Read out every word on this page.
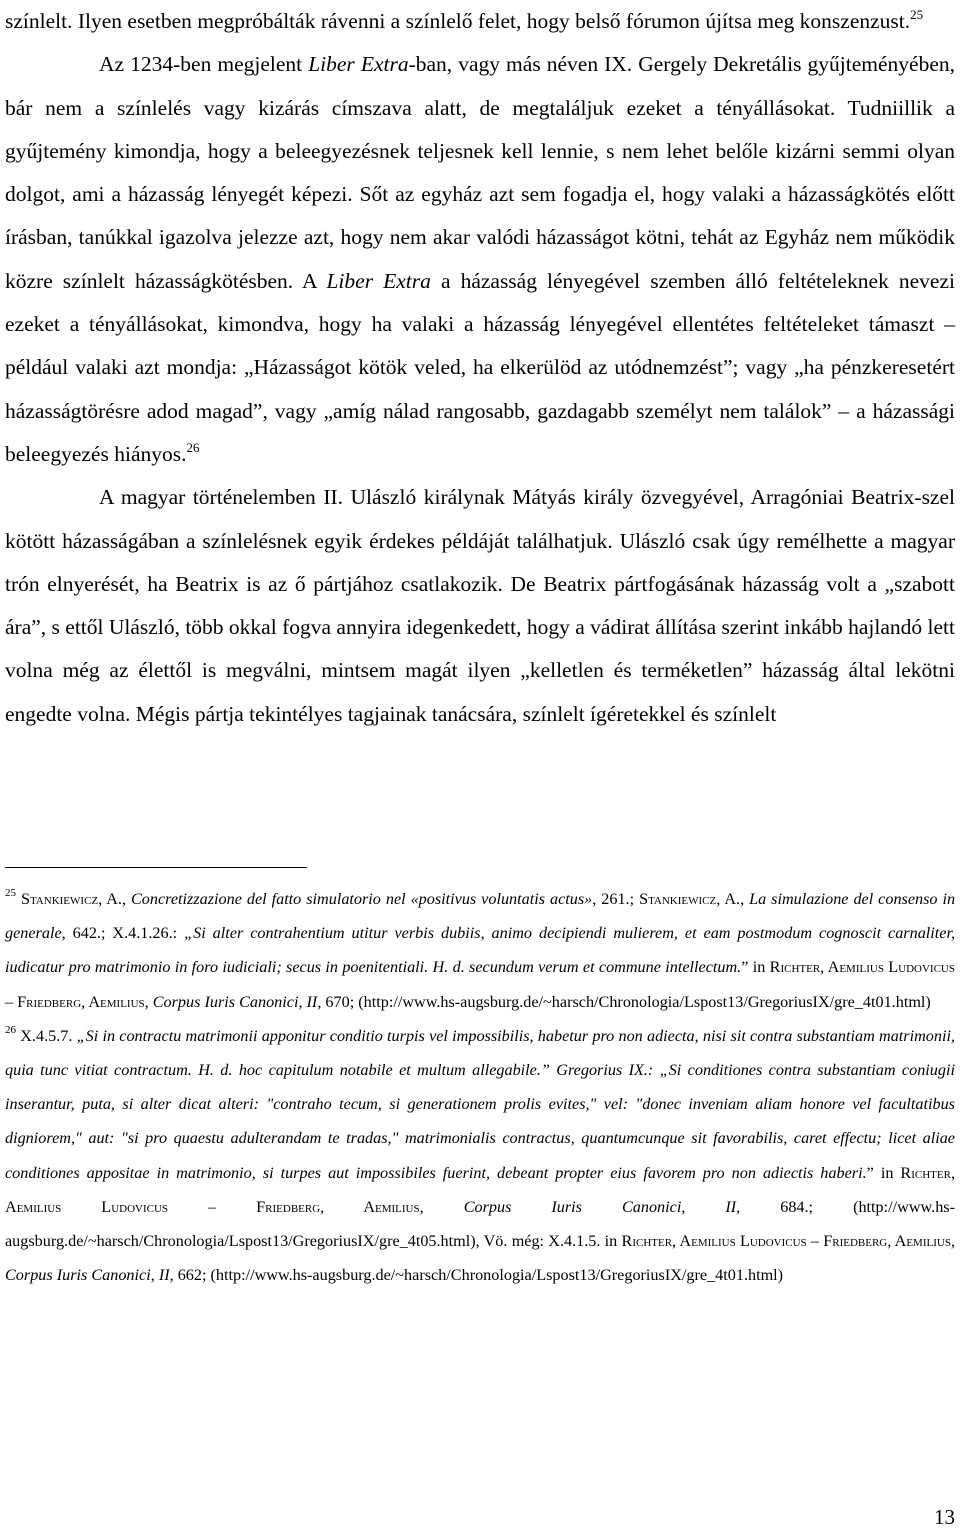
színlelt. Ilyen esetben megpróbálták rávenni a színlelő felet, hogy belső fórumon újítsa meg konszenzust.$^{25}$

Az 1234-ben megjelent Liber Extra-ban, vagy más néven IX. Gergely Dekretális gyűjteményében, bár nem a színlelés vagy kizárás címszava alatt, de megtaláljuk ezeket a tényállásokat. Tudniillik a gyűjtemény kimondja, hogy a beleegyezésnek teljesnek kell lennie, s nem lehet belőle kizárni semmi olyan dolgot, ami a házasság lényegét képezi. Sőt az egyház azt sem fogadja el, hogy valaki a házasságkötés előtt írásban, tanúkkal igazolva jelezze azt, hogy nem akar valódi házasságot kötni, tehát az Egyház nem működik közre színlelt házasságkötésben. A Liber Extra a házasság lényegével szemben álló feltételeknek nevezi ezeket a tényállásokat, kimondva, hogy ha valaki a házasság lényegével ellentétes feltételeket támaszt – például valaki azt mondja: „Házasságot kötök veled, ha elkerülöd az utódnemzést”; vagy „ha pénzkeresetért házasságtörésre adod magad”, vagy „amíg nálad rangosabb, gazdagabb személyt nem találok” – a házassági beleegyezés hiányos.$^{26}$

A magyar történelemben II. Ulászló királynak Mátyás király özvegyével, Arragóniai Beatrix-szel kötött házasságában a színlelésnek egyik érdekes példáját találhatjuk. Ulászló csak úgy remélhette a magyar trón elnyerését, ha Beatrix is az ő pártjához csatlakozik. De Beatrix pártfogásának házasság volt a „szabott ára”, s ettől Ulászló, több okkal fogva annyira idegenkedett, hogy a vádirat állítása szerint inkább hajlandó lett volna még az élettől is megválni, mintsem magát ilyen „kelletlen és terméketlen” házasság által lekötni engedte volna. Mégis pártja tekintélyes tagjainak tanácsára, színlelt ígéretekkel és színlelt

$^{25}$ Stankiewicz, A., Concretizzazione del fatto simulatorio nel «positivus voluntatis actus», 261.; Stankiewicz, A., La simulazione del consenso in generale, 642.; X.4.1.26.: „Si alter contrahentium utitur verbis dubiis, animo decipiendi mulierem, et eam postmodum cognoscit carnaliter, iudicatur pro matrimonio in foro iudiciali; secus in poenitentiali. H. d. secundum verum et commune intellectum.” in Richter, Aemilius Ludovicus – Friedberg, Aemilius, Corpus Iuris Canonici, II, 670; (http://www.hs-augsburg.de/~harsch/Chronologia/Lspost13/GregoriusIX/gre_4t01.html)

$^{26}$ X.4.5.7. „Si in contractu matrimonii apponitur conditio turpis vel impossibilis, habetur pro non adiecta, nisi sit contra substantiam matrimonii, quia tunc vitiat contractum. H. d. hoc capitulum notabile et multum allegabile.” Gregorius IX.: „Si conditiones contra substantiam coniugii inserantur, puta, si alter dicat alteri: "contraho tecum, si generationem prolis evites," vel: "donec inveniam aliam honore vel facultatibus digniorem," aut: "si pro quaestu adulterandam te tradas," matrimonialis contractus, quantumcunque sit favorabilis, caret effectu; licet aliae conditiones appositae in matrimonio, si turpes aut impossibiles fuerint, debeant propter eius favorem pro non adiectis haberi.” in Richter, Aemilius Ludovicus – Friedberg, Aemilius, Corpus Iuris Canonici, II, 684.; (http://www.hs-augsburg.de/~harsch/Chronologia/Lspost13/GregoriusIX/gre_4t05.html), Vö. még: X.4.1.5. in Richter, Aemilius Ludovicus – Friedberg, Aemilius, Corpus Iuris Canonici, II, 662; (http://www.hs-augsburg.de/~harsch/Chronologia/Lspost13/GregoriusIX/gre_4t01.html)

13
